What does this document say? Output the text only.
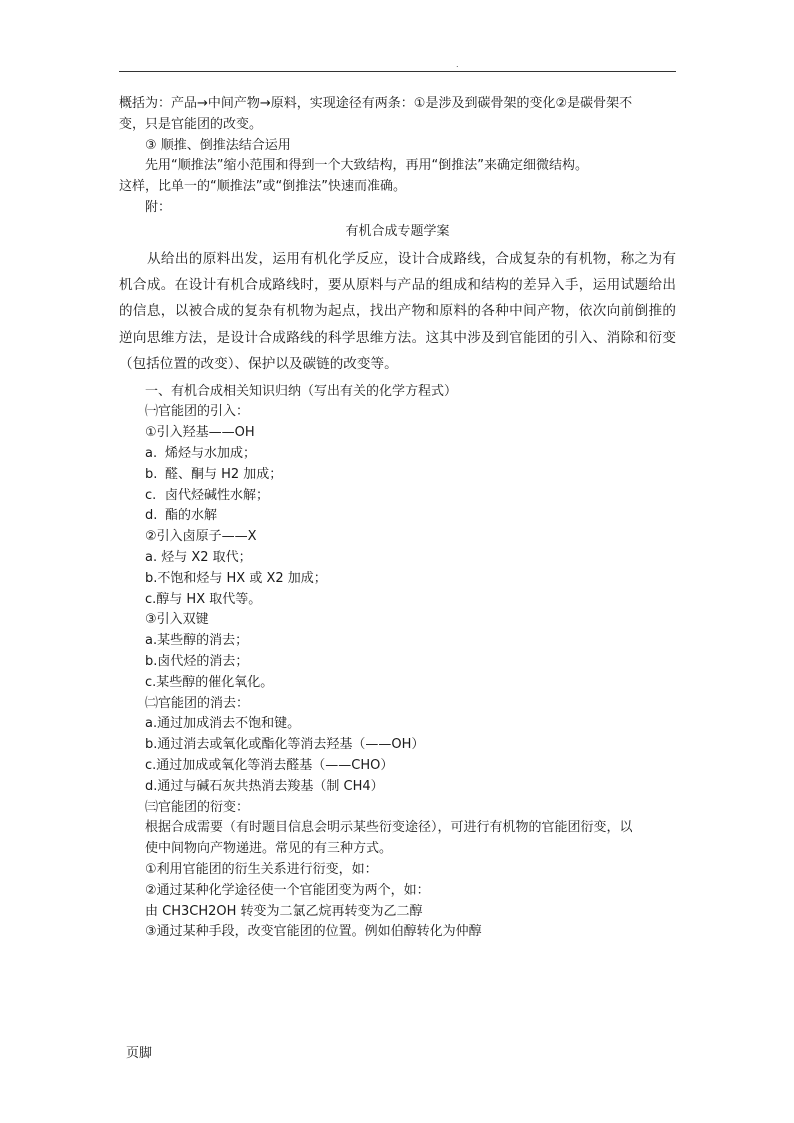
.
概括为：产品→中间产物→原料，实现途径有两条：①是涉及到碳骨架的变化②是碳骨架不
变，只是官能团的改变。
③ 顺推、倒推法结合运用
先用“顺推法”缩小范围和得到一个大致结构，再用“倒推法”来确定细微结构。
这样，比单一的“顺推法”或“倒推法”快速而准确。
附：
有机合成专题学案
从给出的原料出发，运用有机化学反应，设计合成路线，合成复杂的有机物，称之为有机合成。在设计有机合成路线时，要从原料与产品的组成和结构的差异入手，运用试题给出的信息，以被合成的复杂有机物为起点，找出产物和原料的各种中间产物，依次向前倒推的逆向思维方法，是设计合成路线的科学思维方法。这其中涉及到官能团的引入、消除和衍变（包括位置的改变）、保护以及碳链的改变等。
一、有机合成相关知识归纳（写出有关的化学方程式）
㈠官能团的引入：
①引入羟基——OH
a. 烯烃与水加成；
b. 醛、酮与 H2 加成；
c. 卤代烃碱性水解；
d. 酯的水解
②引入卤原子——X
a. 烃与 X2 取代；
b.不饱和烃与 HX 或 X2 加成；
c.醇与 HX 取代等。
③引入双键
a.某些醇的消去；
b.卤代烃的消去；
c.某些醇的催化氧化。
㈡官能团的消去：
a.通过加成消去不饱和键。
b.通过消去或氧化或酯化等消去羟基（——OH）
c.通过加成或氧化等消去醛基（——CHO）
d.通过与碱石灰共热消去羧基（制 CH4）
㈢官能团的衍变：
根据合成需要（有时题目信息会明示某些衍变途径），可进行有机物的官能团衍变，以
使中间物向产物递进。常见的有三种方式。
①利用官能团的衍生关系进行衍变，如：
②通过某种化学途径使一个官能团变为两个，如：
由 CH3CH2OH 转变为二氯乙烷再转变为乙二醇
③通过某种手段，改变官能团的位置。例如伯醇转化为仲醇
页脚
